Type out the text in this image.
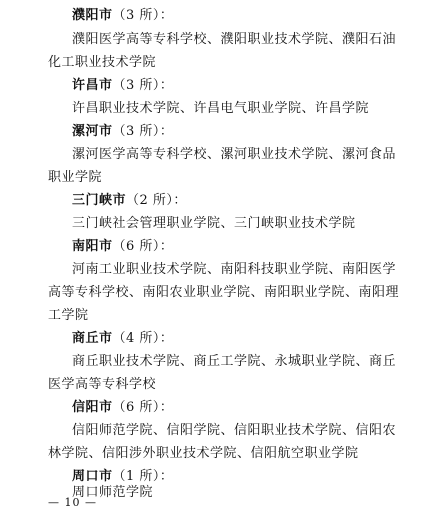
濮阳市（3 所）：
濮阳医学高等专科学校、濮阳职业技术学院、濮阳石油
化工职业技术学院
许昌市（3 所）：
许昌职业技术学院、许昌电气职业学院、许昌学院
漯河市（3 所）：
漯河医学高等专科学校、漯河职业技术学院、漯河食品
职业学院
三门峡市（2 所）：
三门峡社会管理职业学院、三门峡职业技术学院
南阳市（6 所）：
河南工业职业技术学院、南阳科技职业学院、南阳医学
高等专科学校、南阳农业职业学院、南阳职业学院、南阳理
工学院
商丘市（4 所）：
商丘职业技术学院、商丘工学院、永城职业学院、商丘
医学高等专科学校
信阳市（6 所）：
信阳师范学院、信阳学院、信阳职业技术学院、信阳农
林学院、信阳涉外职业技术学院、信阳航空职业学院
周口市（1 所）：
周口师范学院
— 10 —
